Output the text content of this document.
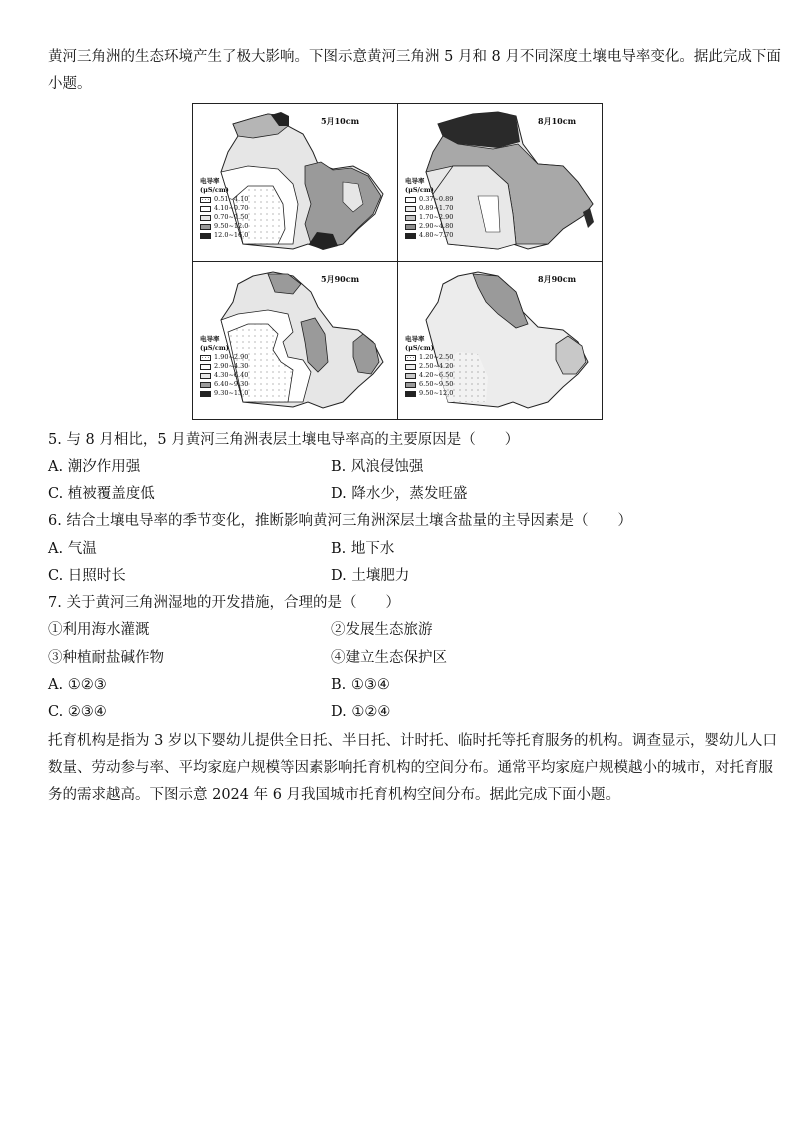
黄河三角洲的生态环境产生了极大影响。下图示意黄河三角洲 5 月和 8 月不同深度土壤电导率变化。据此完成下面
小题。
5月10cm
电导率
(μS/cm)
0.51~4.10
4.10~0.70
0.70~9.50
9.50~12.0
12.0~16.0
8月10cm
电导率
(μS/cm)
0.37~0.89
0.89~1.70
1.70~2.90
2.90~4.80
4.80~7.70
5月90cm
电导率
(μS/cm)
1.90~2.90
2.90~4.30
4.30~6.40
6.40~9.30
9.30~13.0
8月90cm
电导率
(μS/cm)
1.20~2.50
2.50~4.20
4.20~6.50
6.50~9.50
9.50~12.0
5. 与 8 月相比，5 月黄河三角洲表层土壤电导率高的主要原因是（　　）
A. 潮汐作用强	B. 风浪侵蚀强
C. 植被覆盖度低	D. 降水少，蒸发旺盛
6. 结合土壤电导率的季节变化，推断影响黄河三角洲深层土壤含盐量的主导因素是（　　）
A. 气温	B. 地下水
C. 日照时长	D. 土壤肥力
7. 关于黄河三角洲湿地的开发措施，合理的是（　　）
①利用海水灌溉	②发展生态旅游
③种植耐盐碱作物	④建立生态保护区
A. ①②③	B. ①③④
C. ②③④	D. ①②④
托育机构是指为 3 岁以下婴幼儿提供全日托、半日托、计时托、临时托等托育服务的机构。调查显示，婴幼儿人口
数量、劳动参与率、平均家庭户规模等因素影响托育机构的空间分布。通常平均家庭户规模越小的城市，对托育服
务的需求越高。下图示意 2024 年 6 月我国城市托育机构空间分布。据此完成下面小题。
